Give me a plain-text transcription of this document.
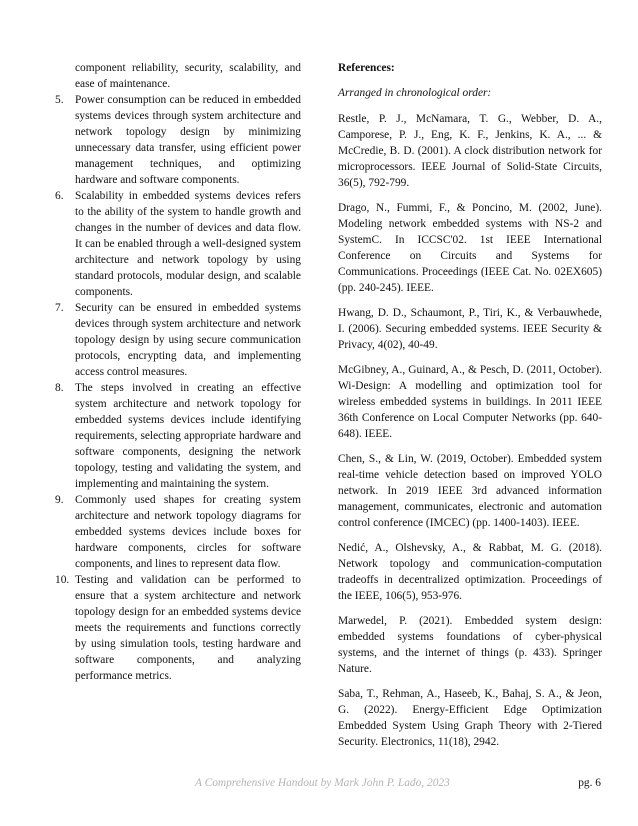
component reliability, security, scalability, and ease of maintenance.

5. Power consumption can be reduced in embedded systems devices through system architecture and network topology design by minimizing unnecessary data transfer, using efficient power management techniques, and optimizing hardware and software components.
6. Scalability in embedded systems devices refers to the ability of the system to handle growth and changes in the number of devices and data flow. It can be enabled through a well-designed system architecture and network topology by using standard protocols, modular design, and scalable components.
7. Security can be ensured in embedded systems devices through system architecture and network topology design by using secure communication protocols, encrypting data, and implementing access control measures.
8. The steps involved in creating an effective system architecture and network topology for embedded systems devices include identifying requirements, selecting appropriate hardware and software components, designing the network topology, testing and validating the system, and implementing and maintaining the system.
9. Commonly used shapes for creating system architecture and network topology diagrams for embedded systems devices include boxes for hardware components, circles for software components, and lines to represent data flow.
10. Testing and validation can be performed to ensure that a system architecture and network topology design for an embedded systems device meets the requirements and functions correctly by using simulation tools, testing hardware and software components, and analyzing performance metrics.

References:

Arranged in chronological order:

Restle, P. J., McNamara, T. G., Webber, D. A., Camporese, P. J., Eng, K. F., Jenkins, K. A., ... & McCredie, B. D. (2001). A clock distribution network for microprocessors. IEEE Journal of Solid-State Circuits, 36(5), 792-799.

Drago, N., Fummi, F., & Poncino, M. (2002, June). Modeling network embedded systems with NS-2 and SystemC. In ICCSC'02. 1st IEEE International Conference on Circuits and Systems for Communications. Proceedings (IEEE Cat. No. 02EX605) (pp. 240-245). IEEE.

Hwang, D. D., Schaumont, P., Tiri, K., & Verbauwhede, I. (2006). Securing embedded systems. IEEE Security & Privacy, 4(02), 40-49.

McGibney, A., Guinard, A., & Pesch, D. (2011, October). Wi-Design: A modelling and optimization tool for wireless embedded systems in buildings. In 2011 IEEE 36th Conference on Local Computer Networks (pp. 640-648). IEEE.

Chen, S., & Lin, W. (2019, October). Embedded system real-time vehicle detection based on improved YOLO network. In 2019 IEEE 3rd advanced information management, communicates, electronic and automation control conference (IMCEC) (pp. 1400-1403). IEEE.

Nedić, A., Olshevsky, A., & Rabbat, M. G. (2018). Network topology and communication-computation tradeoffs in decentralized optimization. Proceedings of the IEEE, 106(5), 953-976.

Marwedel, P. (2021). Embedded system design: embedded systems foundations of cyber-physical systems, and the internet of things (p. 433). Springer Nature.

Saba, T., Rehman, A., Haseeb, K., Bahaj, S. A., & Jeon, G. (2022). Energy-Efficient Edge Optimization Embedded System Using Graph Theory with 2-Tiered Security. Electronics, 11(18), 2942.

A Comprehensive Handout by Mark John P. Lado, 2023	pg. 6
